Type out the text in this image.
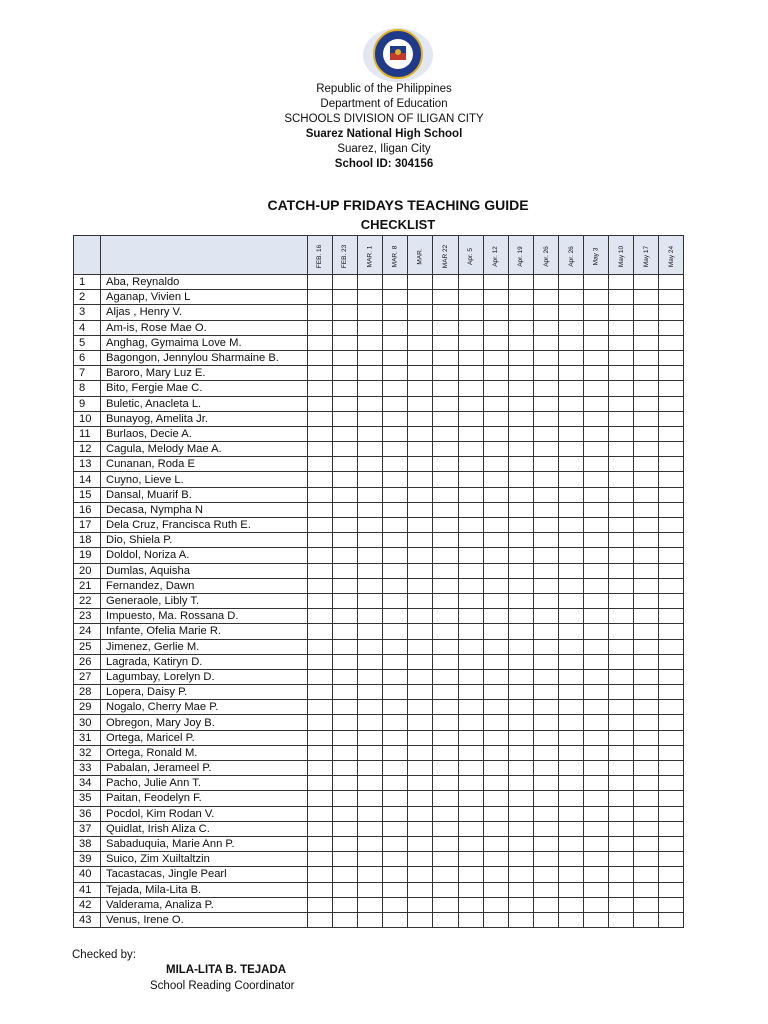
Republic of the Philippines
Department of Education
SCHOOLS DIVISION OF ILIGAN CITY
Suarez National High School
Suarez, Iligan City
School ID: 304156
CATCH-UP FRIDAYS TEACHING GUIDE
CHECKLIST
		FEB. 16	FEB. 23	MAR. 1	MAR. 8	MAR.	MAR 22	Apr. 5	Apr. 12	Apr. 19	Apr. 26	Apr. 26	May 3	May 10	May 17	May 24
1	Aba, Reynaldo															
2	Aganap, Vivien L															
3	Aljas , Henry V.															
4	Am-is, Rose Mae O.															
5	Anghag, Gymaima Love M.															
6	Bagongon, Jennylou Sharmaine B.															
7	Baroro, Mary Luz E.															
8	Bito, Fergie Mae C.															
9	Buletic, Anacleta L.															
10	Bunayog, Amelita Jr.															
11	Burlaos, Decie A.															
12	Cagula, Melody Mae A.															
13	Cunanan, Roda E															
14	Cuyno, Lieve L.															
15	Dansal, Muarif B.															
16	Decasa, Nympha N															
17	Dela Cruz, Francisca Ruth E.															
18	Dio, Shiela P.															
19	Doldol, Noriza A.															
20	Dumlas, Aquisha															
21	Fernandez, Dawn															
22	Generaole, Libly T.															
23	Impuesto, Ma. Rossana D.															
24	Infante, Ofelia Marie R.															
25	Jimenez, Gerlie M.															
26	Lagrada, Katiryn D.															
27	Lagumbay, Lorelyn D.															
28	Lopera, Daisy P.															
29	Nogalo, Cherry Mae P.															
30	Obregon, Mary Joy B.															
31	Ortega, Maricel P.															
32	Ortega, Ronald M.															
33	Pabalan, Jerameel P.															
34	Pacho, Julie Ann T.															
35	Paitan, Feodelyn F.															
36	Pocdol, Kim Rodan V.															
37	Quidlat, Irish Aliza C.															
38	Sabaduquia, Marie Ann P.															
39	Suico, Zim Xuiltaltzin															
40	Tacastacas, Jingle Pearl															
41	Tejada, Mila-Lita B.															
42	Valderama, Analiza P.															
43	Venus, Irene O.															
Checked by:
MILA-LITA B. TEJADA
School Reading Coordinator
